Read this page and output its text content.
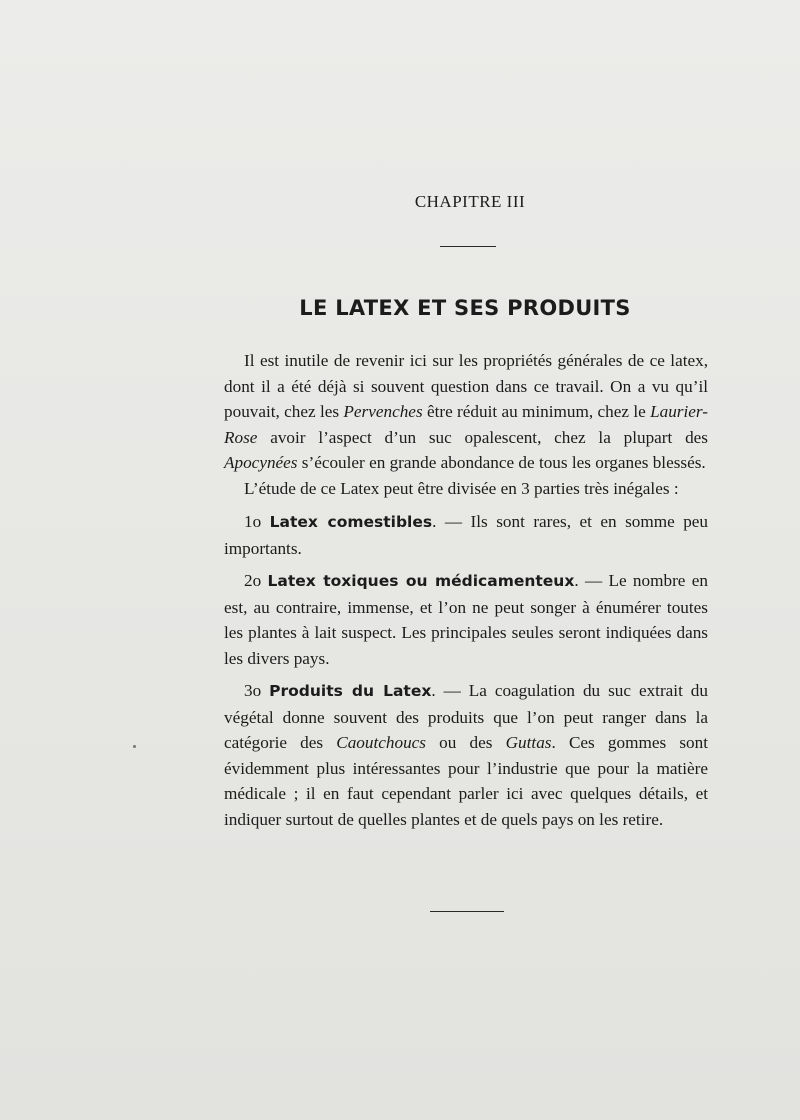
CHAPITRE III
LE LATEX ET SES PRODUITS

Il est inutile de revenir ici sur les propriétés générales de ce latex, dont il a été déjà si souvent question dans ce travail. On a vu qu’il pouvait, chez les Pervenches être réduit au minimum, chez le Laurier-Rose avoir l’aspect d’un suc opalescent, chez la plupart des Apocynées s’écouler en grande abondance de tous les organes blessés.

L’étude de ce Latex peut être divisée en 3 parties très inégales :

1o Latex comestibles. — Ils sont rares, et en somme peu importants.

2o Latex toxiques ou médicamenteux. — Le nombre en est, au contraire, immense, et l’on ne peut songer à énumérer toutes les plantes à lait suspect. Les principales seules seront indiquées dans les divers pays.

3o Produits du Latex. — La coagulation du suc extrait du végétal donne souvent des produits que l’on peut ranger dans la catégorie des Caoutchoucs ou des Guttas. Ces gommes sont évidemment plus intéressantes pour l’industrie que pour la matière médicale ; il en faut cependant parler ici avec quelques détails, et indiquer surtout de quelles plantes et de quels pays on les retire.
